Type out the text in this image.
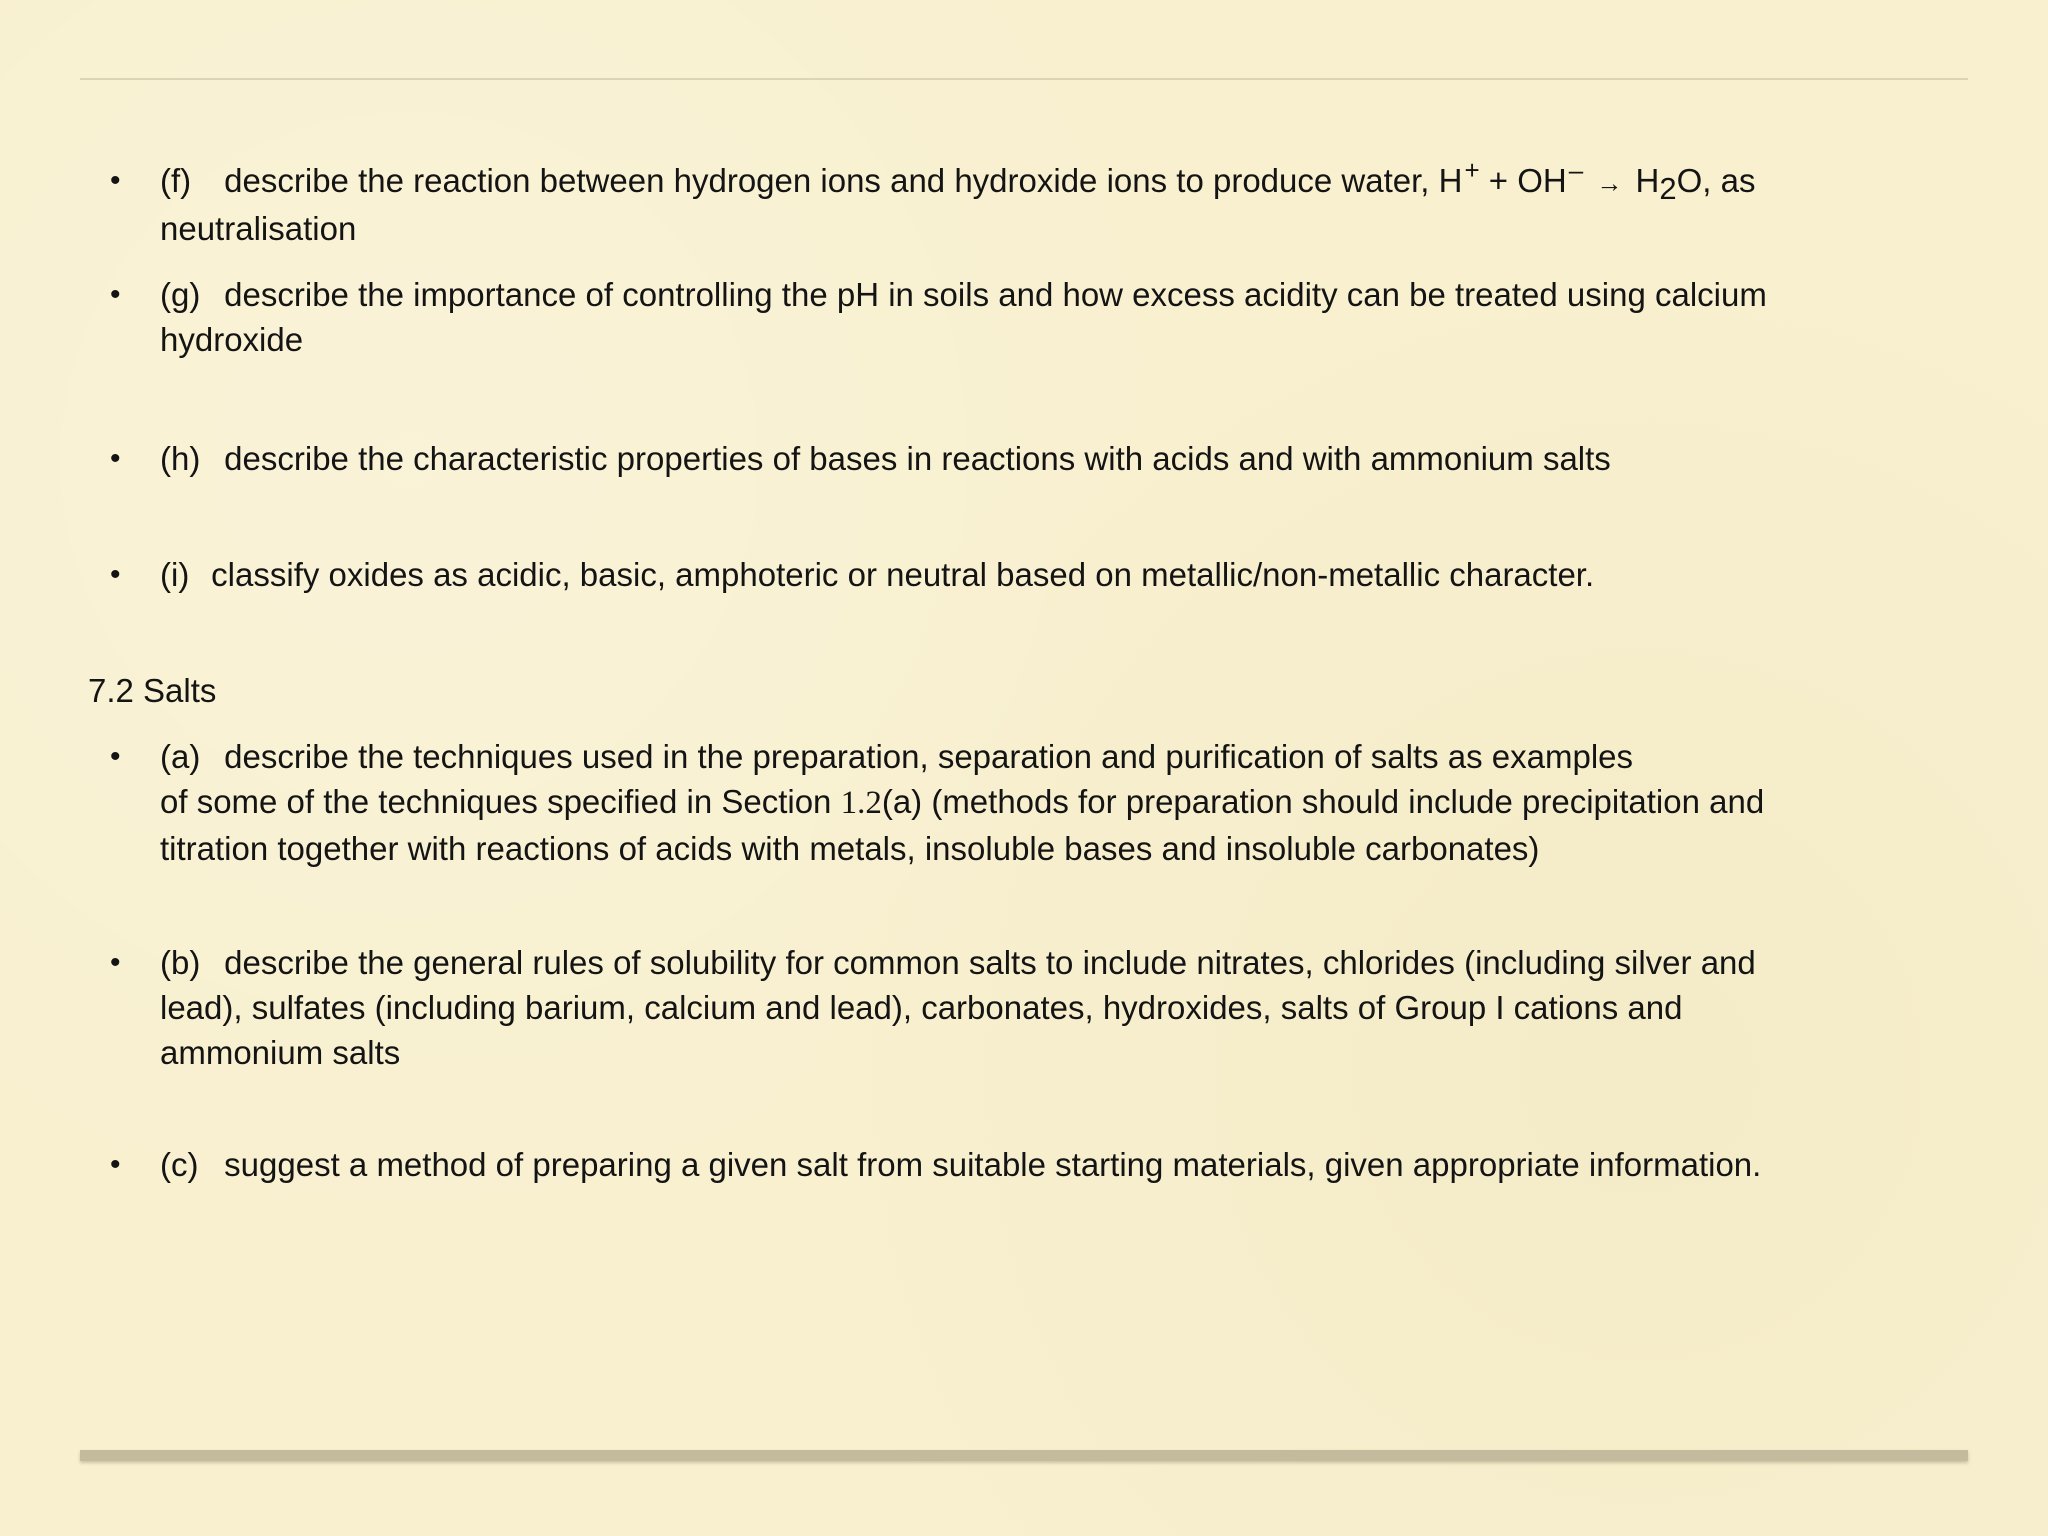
•	(f) describe the reaction between hydrogen ions and hydroxide ions to produce water, H+ + OH– → H2O, as
neutralisation
•	(g) describe the importance of controlling the pH in soils and how excess acidity can be treated using calcium
hydroxide
•	(h) describe the characteristic properties of bases in reactions with acids and with ammonium salts
•	(i) classify oxides as acidic, basic, amphoteric or neutral based on metallic/non-metallic character.
7.2 Salts
•	(a) describe the techniques used in the preparation, separation and purification of salts as examples
of some of the techniques specified in Section 1.2(a) (methods for preparation should include precipitation and
titration together with reactions of acids with metals, insoluble bases and insoluble carbonates)
•	(b) describe the general rules of solubility for common salts to include nitrates, chlorides (including silver and
lead), sulfates (including barium, calcium and lead), carbonates, hydroxides, salts of Group I cations and
ammonium salts
•	(c) suggest a method of preparing a given salt from suitable starting materials, given appropriate information.
